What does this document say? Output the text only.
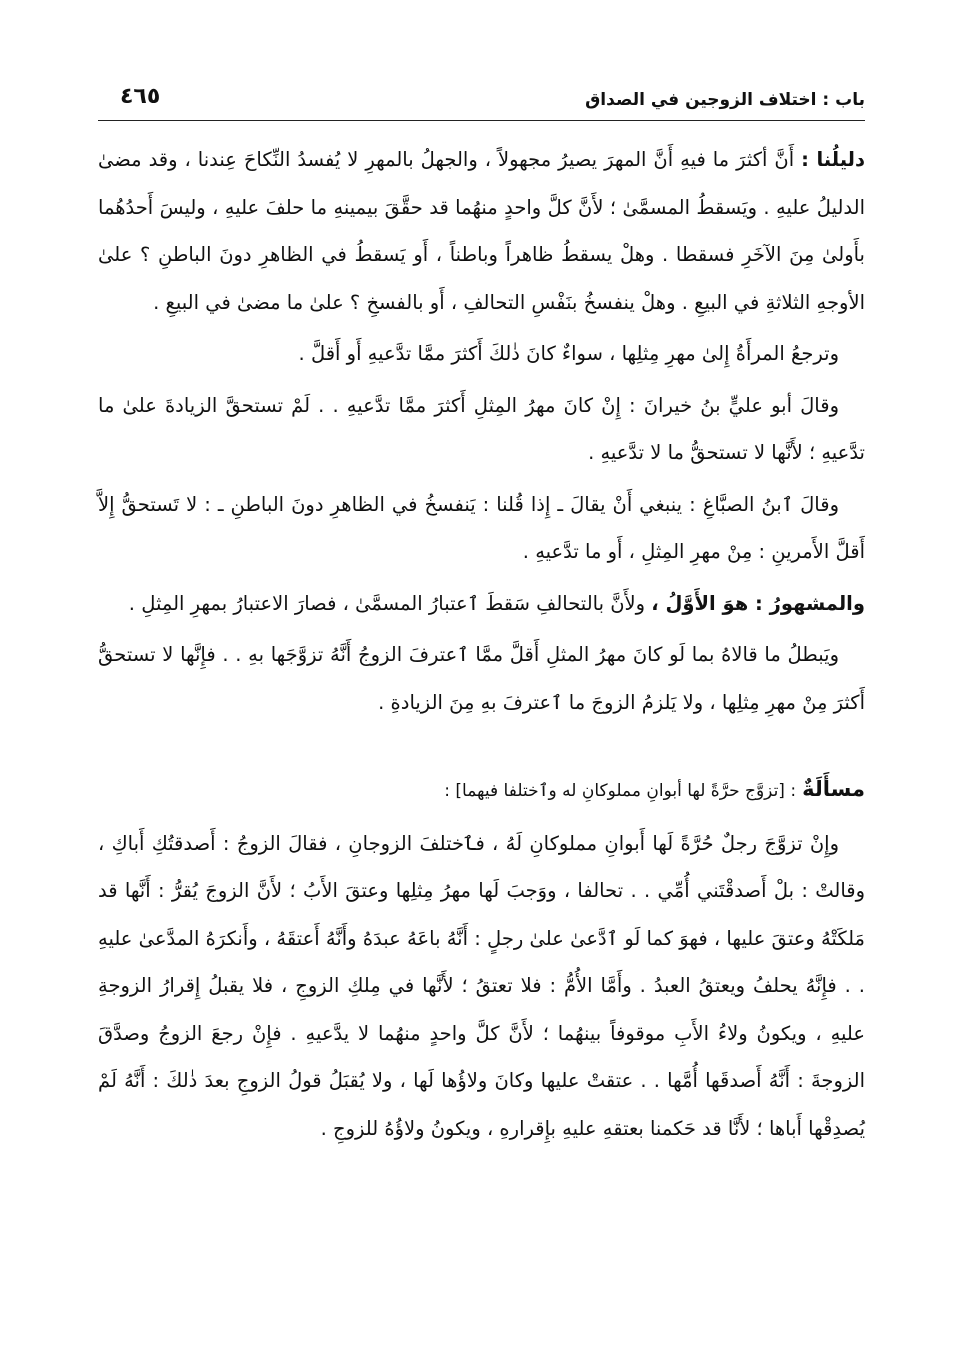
باب : اختلاف الزوجين في الصداق
٤٦٥

دليلُنا : أَنَّ أكثرَ ما فيهِ أَنَّ المهرَ يصيرُ مجهولاً ، والجهلُ بالمهرِ لا يُفسدُ النِّكاحَ عِندنا ، وقد مضىٰ الدليلُ عليهِ . ويَسقطُ المسمَّىٰ ؛ لأَنَّ كلَّ واحدٍ منهُما قد حقَّقَ بيمينهِ ما حلفَ عليهِ ، وليسَ أَحدُهُما بأَولىٰ مِنَ الآخَرِ فسقطا . وهلْ يسقطُ ظاهراً وباطناً ، أَو يَسقطُ في الظاهرِ دونَ الباطنِ ؟ علىٰ الأوجهِ الثلاثةِ في البيعِ . وهلْ ينفسخُ بنَفْسِ التحالفِ ، أَو بالفسخِ ؟ علىٰ ما مضىٰ في البيعِ .

وترجعُ المرأَةُ إِلىٰ مهرِ مِثلِها ، سواءٌ كانَ ذٰلكَ أَكثرَ ممَّا تدَّعيهِ أَو أَقلَّ .

وقالَ أبو عليٍّ بنُ خيرانَ : إِنْ كانَ مهرُ المِثلِ أَكثرَ ممَّا تدَّعيهِ . . لَمْ تستحقَّ الزيادةَ علىٰ ما تدَّعيهِ ؛ لأَنَّها لا تستحقُّ ما لا تدَّعيهِ .

وقالَ ٱبنُ الصبَّاغِ : ينبغي أَنْ يقالَ ـ إِذا قُلنا : يَنفسخُ في الظاهرِ دونَ الباطنِ ـ : لا تَستحقُّ إِلاَّ أَقلَّ الأَمرينِ : مِنْ مهرِ المِثلِ ، أَو ما تدَّعيهِ .

والمشهورُ : هوَ الأَوَّلُ ، ولأَنَّ بالتحالفِ سَقطَ ٱعتبارُ المسمَّىٰ ، فصارَ الاعتبارُ بمهرِ المِثلِ .

ويَبطلُ ما قالاهُ بما لَو كانَ مهرُ المثلِ أَقلَّ ممَّا ٱعترفَ الزوجُ أَنَّهُ تزوَّجَها بهِ . . فإِنَّها لا تستحقُّ أَكثرَ مِنْ مهرِ مِثلِها ، ولا يَلزمُ الزوجَ ما ٱعترفَ بهِ مِنَ الزيادةِ .

مسأَلَةٌ : [تزوَّج حرَّةً لها أبوانِ مملوكانِ له وٱختلفا فيهما] :

وإِنْ تزوَّجَ رجلٌ حُرَّةً لَها أَبوانِ مملوكانِ لَهُ ، فٱختلفَ الزوجانِ ، فقالَ الزوجُ : أَصدقتُكِ أَباكِ ، وقالتْ : بلْ أَصدقْتَني أُمِّي . . تحالفا ، ووَجبَ لَها مهرُ مِثلِها وعتقَ الأَبُ ؛ لأَنَّ الزوجَ يُقرُّ : أَنَّها قد مَلكَتْهُ وعتقَ عليها ، فهوَ كما لَو ٱدَّعىٰ علىٰ رجلٍ : أَنَّهُ باعَهُ عبدَهُ وأَنَّهُ أَعتقَهُ ، وأَنكرَهُ المدَّعىٰ عليهِ . . فإِنَّهُ يحلفُ ويعتقُ العبدُ . وأَمَّا الأُمُّ : فلا تعتقُ ؛ لأَنَّها في مِلكِ الزوجِ ، فلا يقبلُ إِقرارُ الزوجةِ عليهِ ، ويكونُ ولاءُ الأَبِ موقوفاً بينهُما ؛ لأَنَّ كلَّ واحدٍ منهُما لا يدَّعيهِ . فإِنْ رجعَ الزوجُ وصدَّقَ الزوجةَ : أَنَّهُ أَصدقَها أُمَّها . . عتقتْ عليها وكانَ ولاؤُها لَها ، ولا يُقبَلُ قولُ الزوجِ بعدَ ذٰلكَ : أَنَّهُ لَمْ يُصدِقْها أَباها ؛ لأَنَّا قد حَكمنا بعتقهِ عليهِ بإِقرارهِ ، ويكونُ ولاؤُهُ للزوجِ .
